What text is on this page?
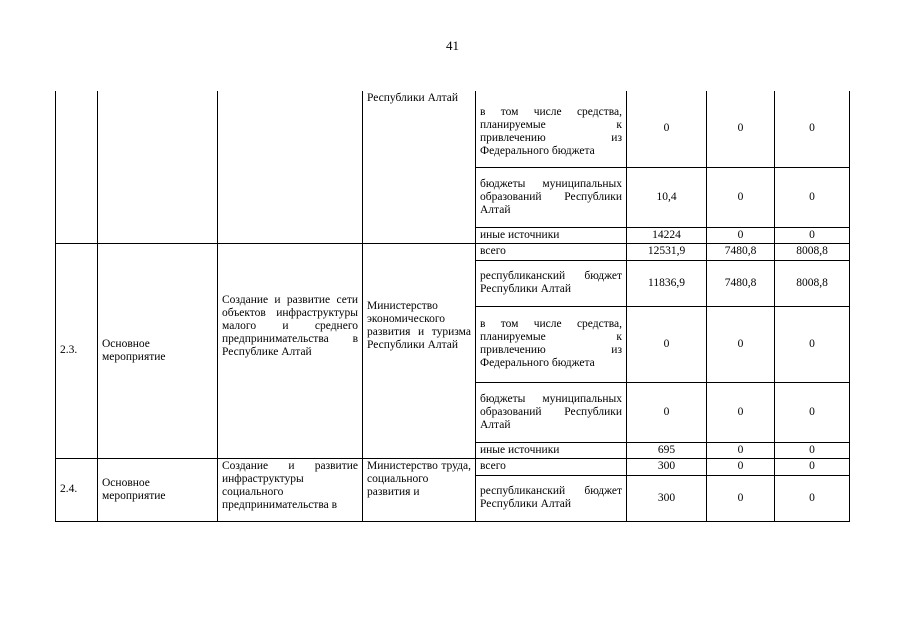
41

			Республики Алтай	в том числе средства, планируемые к привлечению из Федерального бюджета	0	0	0
				бюджеты муниципальных образований Республики Алтай	10,4	0	0
				иные источники	14224	0	0
2.3.	Основное мероприятие	Создание и развитие сети объектов инфраструктуры малого и среднего предпринимательства в Республике Алтай	Министерство экономического развития и туризма Республики Алтай	всего	12531,9	7480,8	8008,8
				республиканский бюджет Республики Алтай	11836,9	7480,8	8008,8
				в том числе средства, планируемые к привлечению из Федерального бюджета	0	0	0
				бюджеты муниципальных образований Республики Алтай	0	0	0
				иные источники	695	0	0
2.4.	Основное мероприятие	Создание и развитие инфраструктуры социального предпринимательства в	Министерство труда, социального развития и	всего	300	0	0
				республиканский бюджет Республики Алтай	300	0	0
